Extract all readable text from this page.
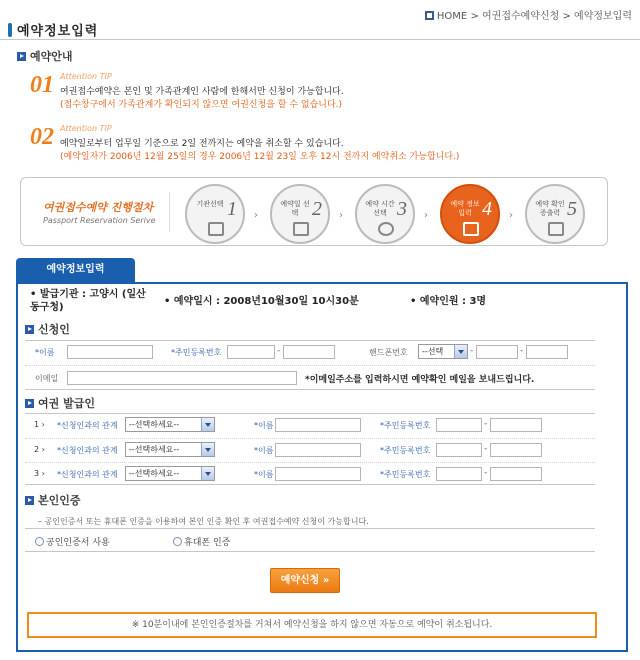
예약정보입력
HOME > 여권접수예약신청 > 예약정보입력
예약안내
01 Attention TIP
여권접수예약은 본인 및 가족관계인 사람에 한해서만 신청이 가능합니다.
(접수창구에서 가족관계가 확인되지 않으면 여권신청을 할 수 없습니다.)
02 Attention TIP
예약일로부터 업무일 기준으로 2일 전까지는 예약을 취소할 수 있습니다.
(예약일자가 2006년 12월 25일의 경우 2006년 12월 23일 오후 12시 전까지 예약취소 가능합니다.)
여권접수예약 진행절차
Passport Reservation Serive
기관선택 1 ›
예약일 선택 2 ›
예약 시간선택 3 ›
예약 정보입력 4 ›
예약 확인증출력 5
예약정보입력
• 발급기관 : 고양시 (일산
동구청)
• 예약일시 : 2008년10월30일 10시30분	• 예약인원 : 3명
신청인
*이름	*주민등록번호	-	핸드폰번호	--선택	-	-
이메일	*이메일주소를 입력하시면 예약확인 메일을 보내드립니다.
여권 발급인
1 › *신청인과의 관계	--선택하세요--	*이름	*주민등록번호	-
2 › *신청인과의 관계	--선택하세요--	*이름	*주민등록번호	-
3 › *신청인과의 관계	--선택하세요--	*이름	*주민등록번호	-
본인인증
– 공인인증서 또는 휴대폰 인증을 이용하여 본인 인증 확인 후 여권접수예약 신청이 가능합니다.
공인인증서 사용	휴대폰 인증
예약신청 »
※ 10분이내에 본인인증절차를 거쳐서 예약신청을 하지 않으면 자동으로 예약이 취소됩니다.
